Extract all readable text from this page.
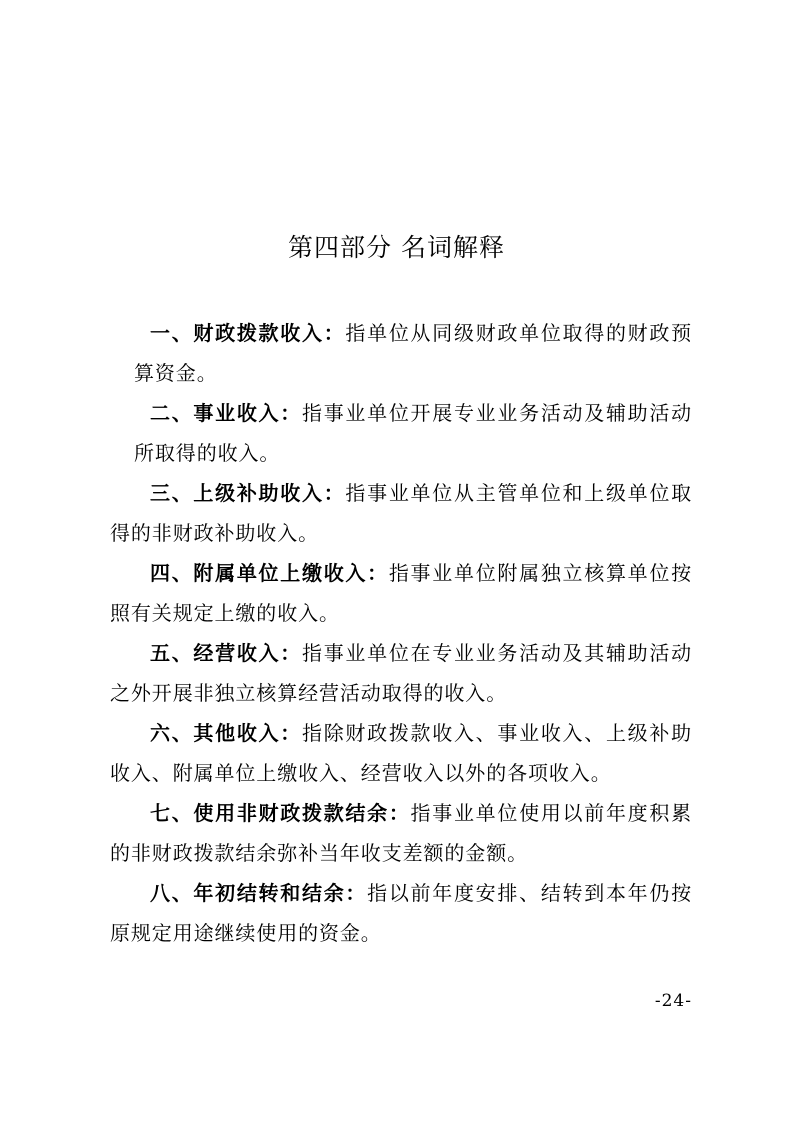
第四部分 名词解释

一、财政拨款收入：指单位从同级财政单位取得的财政预算资金。

二、事业收入：指事业单位开展专业业务活动及辅助活动所取得的收入。

三、上级补助收入：指事业单位从主管单位和上级单位取得的非财政补助收入。

四、附属单位上缴收入：指事业单位附属独立核算单位按照有关规定上缴的收入。

五、经营收入：指事业单位在专业业务活动及其辅助活动之外开展非独立核算经营活动取得的收入。

六、其他收入：指除财政拨款收入、事业收入、上级补助收入、附属单位上缴收入、经营收入以外的各项收入。

七、使用非财政拨款结余：指事业单位使用以前年度积累的非财政拨款结余弥补当年收支差额的金额。

八、年初结转和结余：指以前年度安排、结转到本年仍按原规定用途继续使用的资金。

-24-
